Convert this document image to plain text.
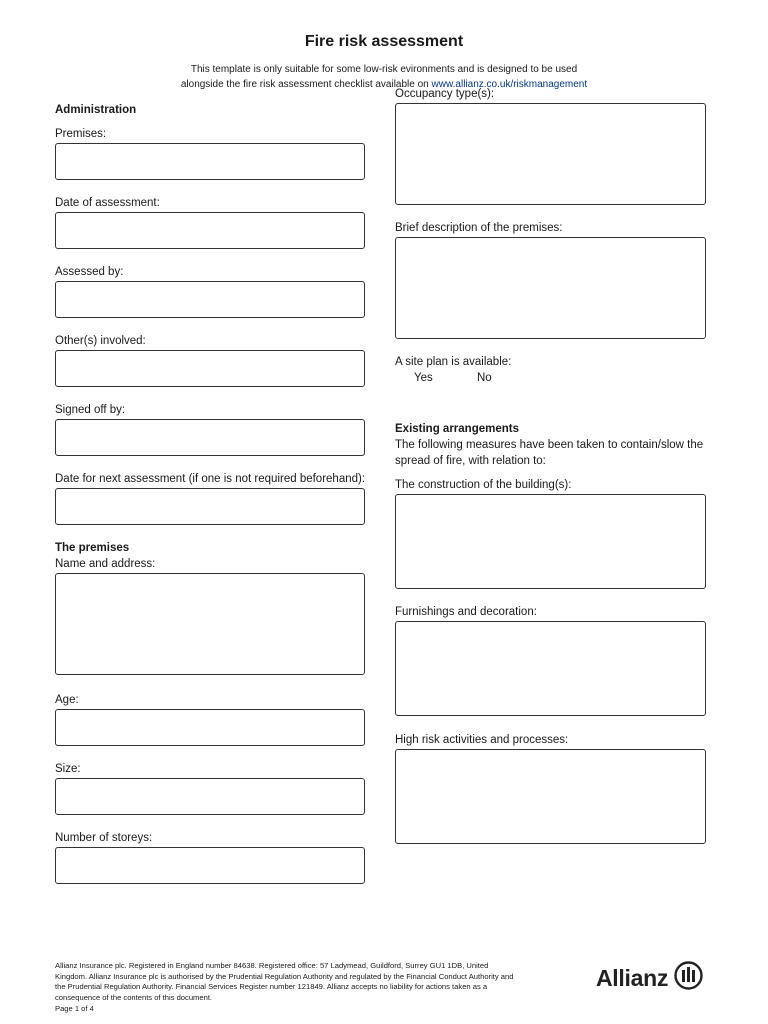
Fire risk assessment
This template is only suitable for some low-risk evironments and is designed to be used
alongside the fire risk assessment checklist available on www.allianz.co.uk/riskmanagement
Administration
Premises:
Date of assessment:
Assessed by:
Other(s) involved:
Signed off by:
Date for next assessment (if one is not required beforehand):
The premises
Name and address:
Age:
Size:
Number of storeys:
Occupancy type(s):
Brief description of the premises:
A site plan is available:
Yes	No
Existing arrangements
The following measures have been taken to contain/slow the spread of fire, with relation to:
The construction of the building(s):
Furnishings and decoration:
High risk activities and processes:
Allianz Insurance plc. Registered in England number 84638. Registered office: 57 Ladymead, Guildford, Surrey GU1 1DB, United Kingdom. Allianz Insurance plc is authorised by the Prudential Regulation Authority and regulated by the Financial Conduct Authority and the Prudential Regulation Authority. Financial Services Register number 121849. Allianz accepts no liability for actions taken as a consequence of the contents of this document.
Page 1 of 4
Allianz
